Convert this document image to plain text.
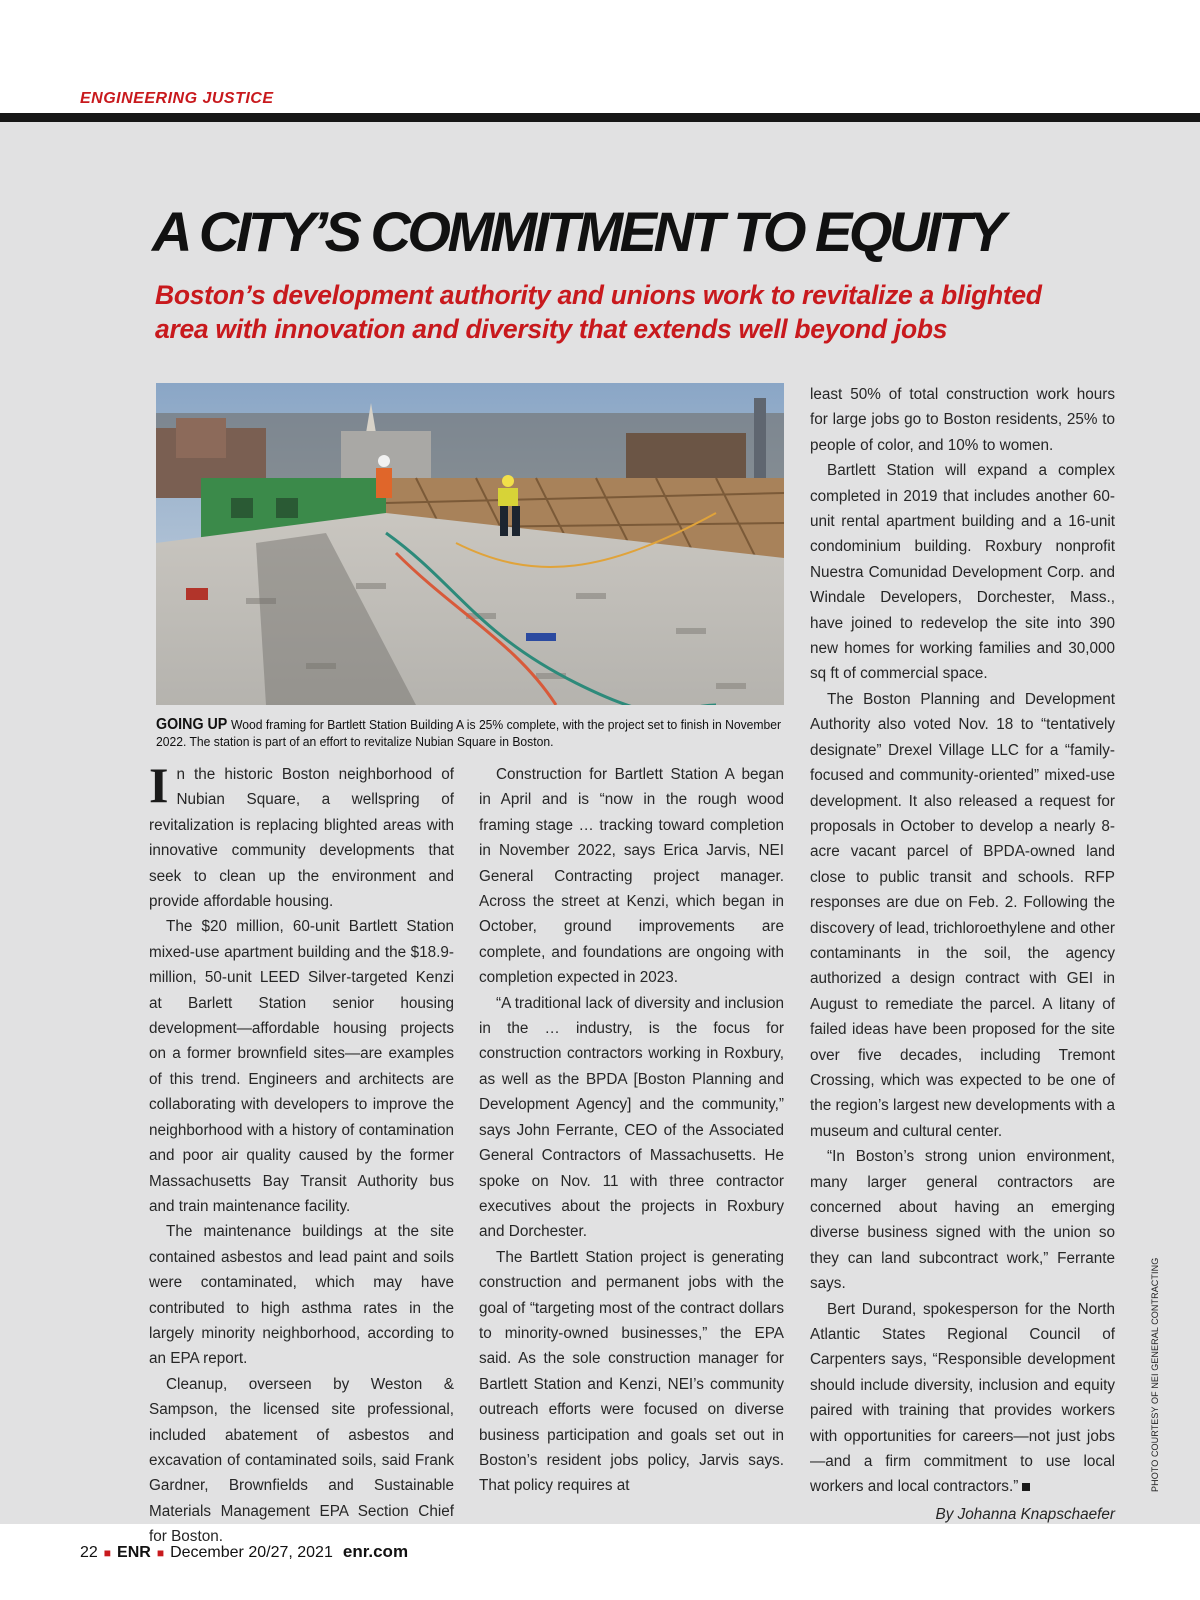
ENGINEERING JUSTICE
A CITY’S COMMITMENT TO EQUITY
Boston’s development authority and unions work to revitalize a blighted
area with innovation and diversity that extends well beyond jobs
GOING UP Wood framing for Bartlett Station Building A is 25% complete, with the project set to finish in November 2022. The station is part of an effort to revitalize Nubian Square in Boston.

In the historic Boston neighborhood of Nubian Square, a wellspring of revitalization is replacing blighted areas with innovative community developments that seek to clean up the environment and provide affordable housing.

The $20 million, 60-unit Bartlett Station mixed-use apartment building and the $18.9-million, 50-unit LEED Silver-targeted Kenzi at Barlett Station senior housing development—affordable housing projects on a former brownfield sites—are examples of this trend. Engineers and architects are collaborating with developers to improve the neighborhood with a history of contamination and poor air quality caused by the former Massachusetts Bay Transit Authority bus and train maintenance facility.

The maintenance buildings at the site contained asbestos and lead paint and soils were contaminated, which may have contributed to high asthma rates in the largely minority neighborhood, according to an EPA report.

Cleanup, overseen by Weston & Sampson, the licensed site professional, included abatement of asbestos and excavation of contaminated soils, said Frank Gardner, Brownfields and Sustainable Materials Management EPA Section Chief for Boston.

Construction for Bartlett Station A began in April and is “now in the rough wood framing stage … tracking toward completion in November 2022, says Erica Jarvis, NEI General Contracting project manager. Across the street at Kenzi, which began in October, ground improvements are complete, and foundations are ongoing with completion expected in 2023.

“A traditional lack of diversity and inclusion in the … industry, is the focus for construction contractors working in Roxbury, as well as the BPDA [Boston Planning and Development Agency] and the community,” says John Ferrante, CEO of the Associated General Contractors of Massachusetts. He spoke on Nov. 11 with three contractor executives about the projects in Roxbury and Dorchester.

The Bartlett Station project is generating construction and permanent jobs with the goal of “targeting most of the contract dollars to minority-owned businesses,” the EPA said. As the sole construction manager for Bartlett Station and Kenzi, NEI’s community outreach efforts were focused on diverse business participation and goals set out in Boston’s resident jobs policy, Jarvis says. That policy requires at

least 50% of total construction work hours for large jobs go to Boston residents, 25% to people of color, and 10% to women.

Bartlett Station will expand a complex completed in 2019 that includes another 60-unit rental apartment building and a 16-unit condominium building. Roxbury nonprofit Nuestra Comunidad Development Corp. and Windale Developers, Dorchester, Mass., have joined to redevelop the site into 390 new homes for working families and 30,000 sq ft of commercial space.

The Boston Planning and Development Authority also voted Nov. 18 to “tentatively designate” Drexel Village LLC for a “family-focused and community-oriented” mixed-use development. It also released a request for proposals in October to develop a nearly 8-acre vacant parcel of BPDA-owned land close to public transit and schools. RFP responses are due on Feb. 2. Following the discovery of lead, trichloroethylene and other contaminants in the soil, the agency authorized a design contract with GEI in August to remediate the parcel. A litany of failed ideas have been proposed for the site over five decades, including Tremont Crossing, which was expected to be one of the region’s largest new developments with a museum and cultural center.

“In Boston’s strong union environment, many larger general contractors are concerned about having an emerging diverse business signed with the union so they can land subcontract work,” Ferrante says.

Bert Durand, spokesperson for the North Atlantic States Regional Council of Carpenters says, “Responsible development should include diversity, inclusion and equity paired with training that provides workers with opportunities for careers—not just jobs—and a firm commitment to use local workers and local contractors.”

By Johanna Knapschaefer

PHOTO COURTESY OF NEI GENERAL CONTRACTING
22 ■ ENR ■ December 20/27, 2021 enr.com
